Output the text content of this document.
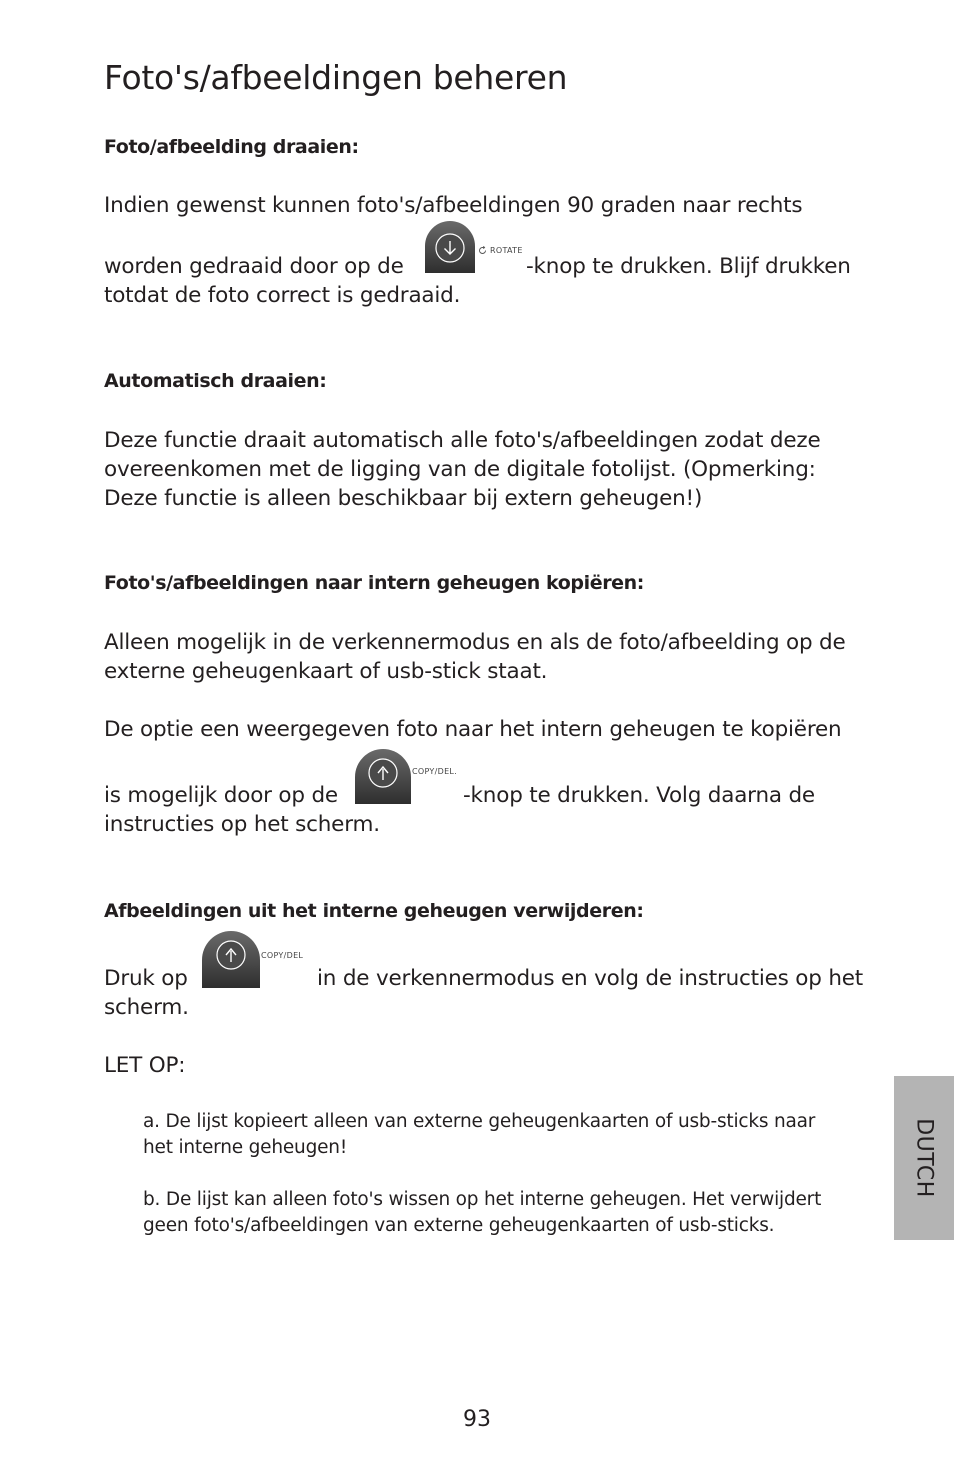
Foto's/afbeeldingen beheren
Foto/afbeelding draaien:
Indien gewenst kunnen foto's/afbeeldingen 90 graden naar rechts
worden gedraaid door op de
ROTATE
-knop te drukken. Blijf drukken
totdat de foto correct is gedraaid.
Automatisch draaien:
Deze functie draait automatisch alle foto's/afbeeldingen zodat deze
overeenkomen met de ligging van de digitale fotolijst. (Opmerking:
Deze functie is alleen beschikbaar bij extern geheugen!)
Foto's/afbeeldingen naar intern geheugen kopiëren:
Alleen mogelijk in de verkennermodus en als de foto/afbeelding op de
externe geheugenkaart of usb-stick staat.
De optie een weergegeven foto naar het intern geheugen te kopiëren
is mogelijk door op de
COPY/DEL.
-knop te drukken. Volg daarna de
instructies op het scherm.
Afbeeldingen uit het interne geheugen verwijderen:
Druk op
COPY/DEL
in de verkennermodus en volg de instructies op het
scherm.
LET OP:
a. De lijst kopieert alleen van externe geheugenkaarten of usb-sticks naar
het interne geheugen!
b. De lijst kan alleen foto's wissen op het interne geheugen. Het verwijdert
geen foto's/afbeeldingen van externe geheugenkaarten of usb-sticks.
DUTCH
93
